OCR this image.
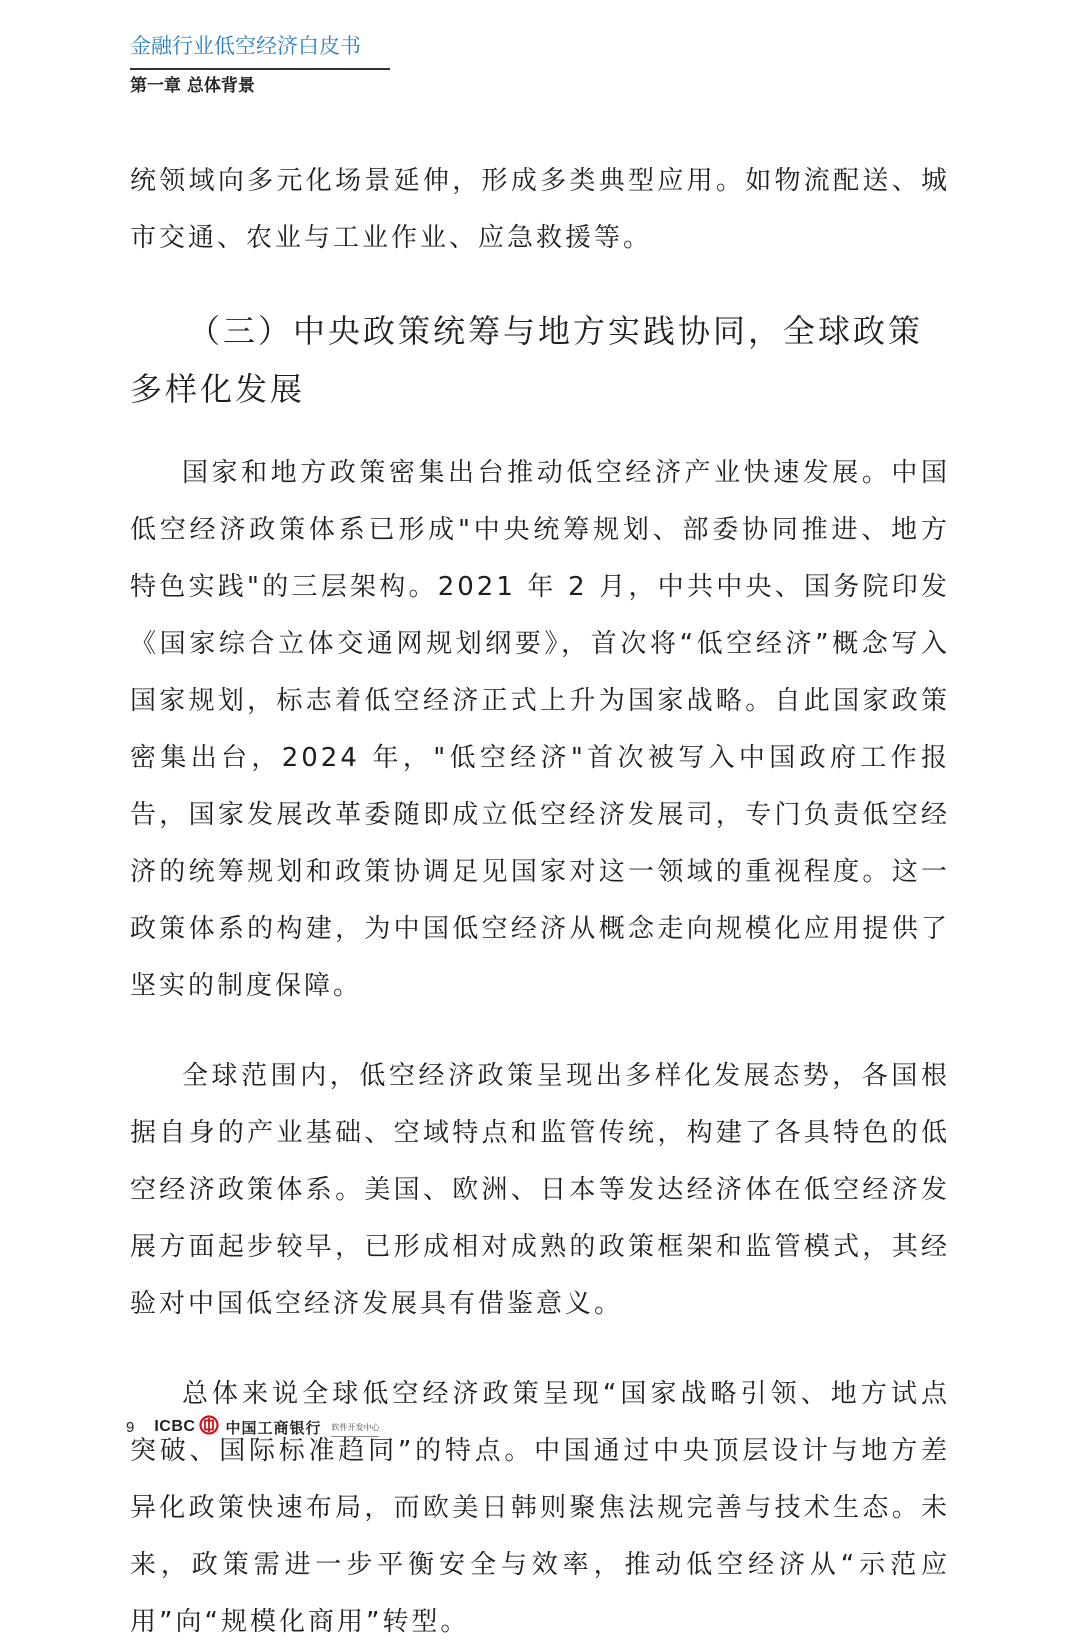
金融行业低空经济白皮书
第一章 总体背景

统领域向多元化场景延伸，形成多类典型应用。如物流配送、城市交通、农业与工业作业、应急救援等。

（三）中央政策统筹与地方实践协同，全球政策多样化发展

国家和地方政策密集出台推动低空经济产业快速发展。中国低空经济政策体系已形成"中央统筹规划、部委协同推进、地方特色实践"的三层架构。2021 年 2 月，中共中央、国务院印发《国家综合立体交通网规划纲要》，首次将“低空经济”概念写入国家规划，标志着低空经济正式上升为国家战略。自此国家政策密集出台，2024 年，"低空经济"首次被写入中国政府工作报告，国家发展改革委随即成立低空经济发展司，专门负责低空经济的统筹规划和政策协调足见国家对这一领域的重视程度。这一政策体系的构建，为中国低空经济从概念走向规模化应用提供了坚实的制度保障。

全球范围内，低空经济政策呈现出多样化发展态势，各国根据自身的产业基础、空域特点和监管传统，构建了各具特色的低空经济政策体系。美国、欧洲、日本等发达经济体在低空经济发展方面起步较早，已形成相对成熟的政策框架和监管模式，其经验对中国低空经济发展具有借鉴意义。

总体来说全球低空经济政策呈现“国家战略引领、地方试点突破、国际标准趋同”的特点。中国通过中央顶层设计与地方差异化政策快速布局，而欧美日韩则聚焦法规完善与技术生态。未来，政策需进一步平衡安全与效率，推动低空经济从“示范应用”向“规模化商用”转型。

9 ICBC 中国工商银行 软件开发中心
